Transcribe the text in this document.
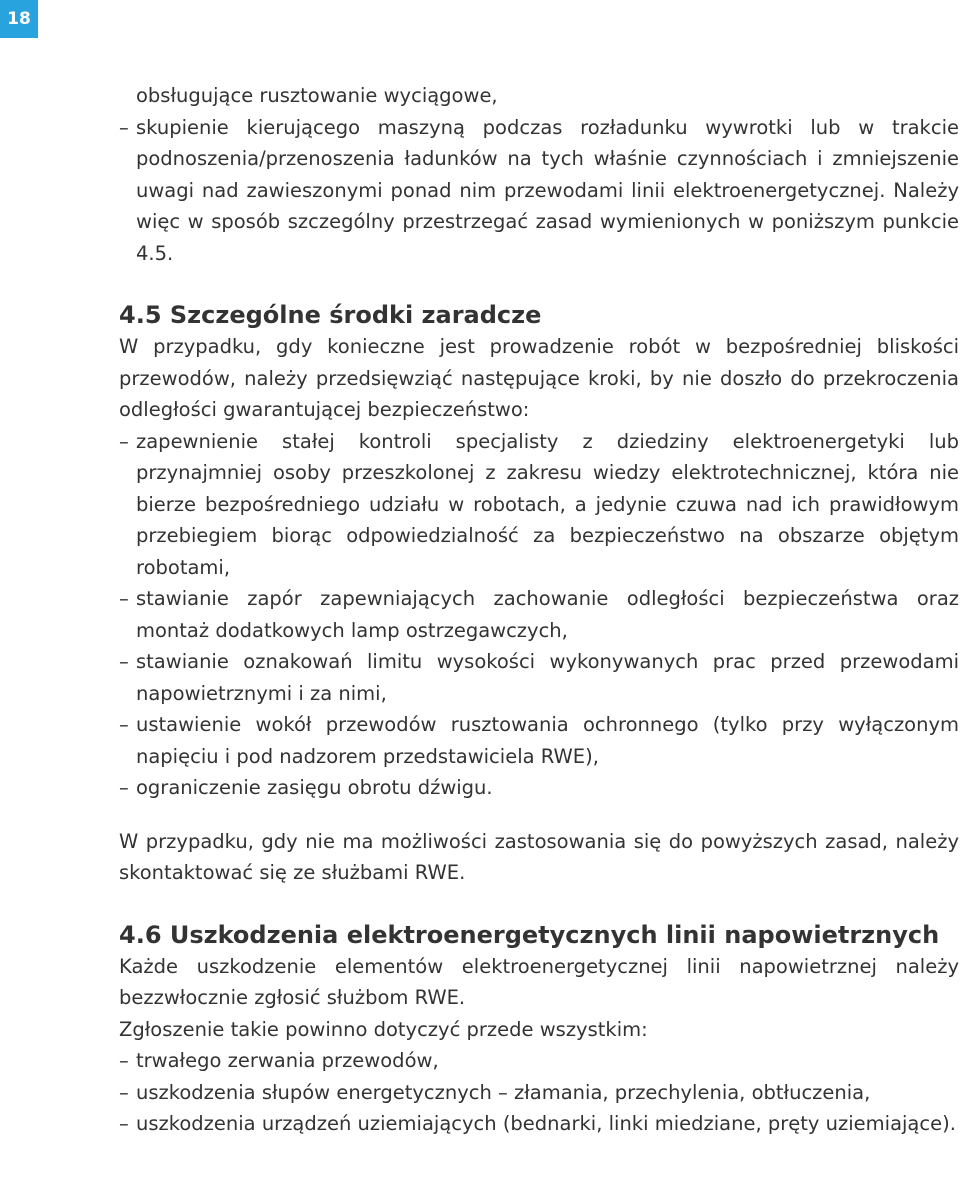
18

obsługujące rusztowanie wyciągowe,

– skupienie kierującego maszyną podczas rozładunku wywrotki lub w trakcie podnoszenia/przenoszenia ładunków na tych właśnie czynnościach i zmniejszenie uwagi nad zawieszonymi ponad nim przewodami linii elektroenergetycznej. Należy więc w sposób szczególny przestrzegać zasad wymienionych w poniższym punkcie 4.5.
4.5 Szczególne środki zaradcze

W przypadku, gdy konieczne jest prowadzenie robót w bezpośredniej bliskości przewodów, należy przedsięwziąć następujące kroki, by nie doszło do przekroczenia odległości gwarantującej bezpieczeństwo:

– zapewnienie stałej kontroli specjalisty z dziedziny elektroenergetyki lub przynajmniej osoby przeszkolonej z zakresu wiedzy elektrotechnicznej, która nie bierze bezpośredniego udziału w robotach, a jedynie czuwa nad ich prawidłowym przebiegiem biorąc odpowiedzialność za bezpieczeństwo na obszarze objętym robotami,
– stawianie zapór zapewniających zachowanie odległości bezpieczeństwa oraz montaż dodatkowych lamp ostrzegawczych,
– stawianie oznakowań limitu wysokości wykonywanych prac przed przewodami napowietrznymi i za nimi,
– ustawienie wokół przewodów rusztowania ochronnego (tylko przy wyłączonym napięciu i pod nadzorem przedstawiciela RWE),
– ograniczenie zasięgu obrotu dźwigu.

W przypadku, gdy nie ma możliwości zastosowania się do powyższych zasad, należy skontaktować się ze służbami RWE.

4.6 Uszkodzenia elektroenergetycznych linii napowietrznych

Każde uszkodzenie elementów elektroenergetycznej linii napowietrznej należy bezzwłocznie zgłosić służbom RWE.

Zgłoszenie takie powinno dotyczyć przede wszystkim:

– trwałego zerwania przewodów,
– uszkodzenia słupów energetycznych – złamania, przechylenia, obtłuczenia,
– uszkodzenia urządzeń uziemiających (bednarki, linki miedziane, pręty uziemiające).
